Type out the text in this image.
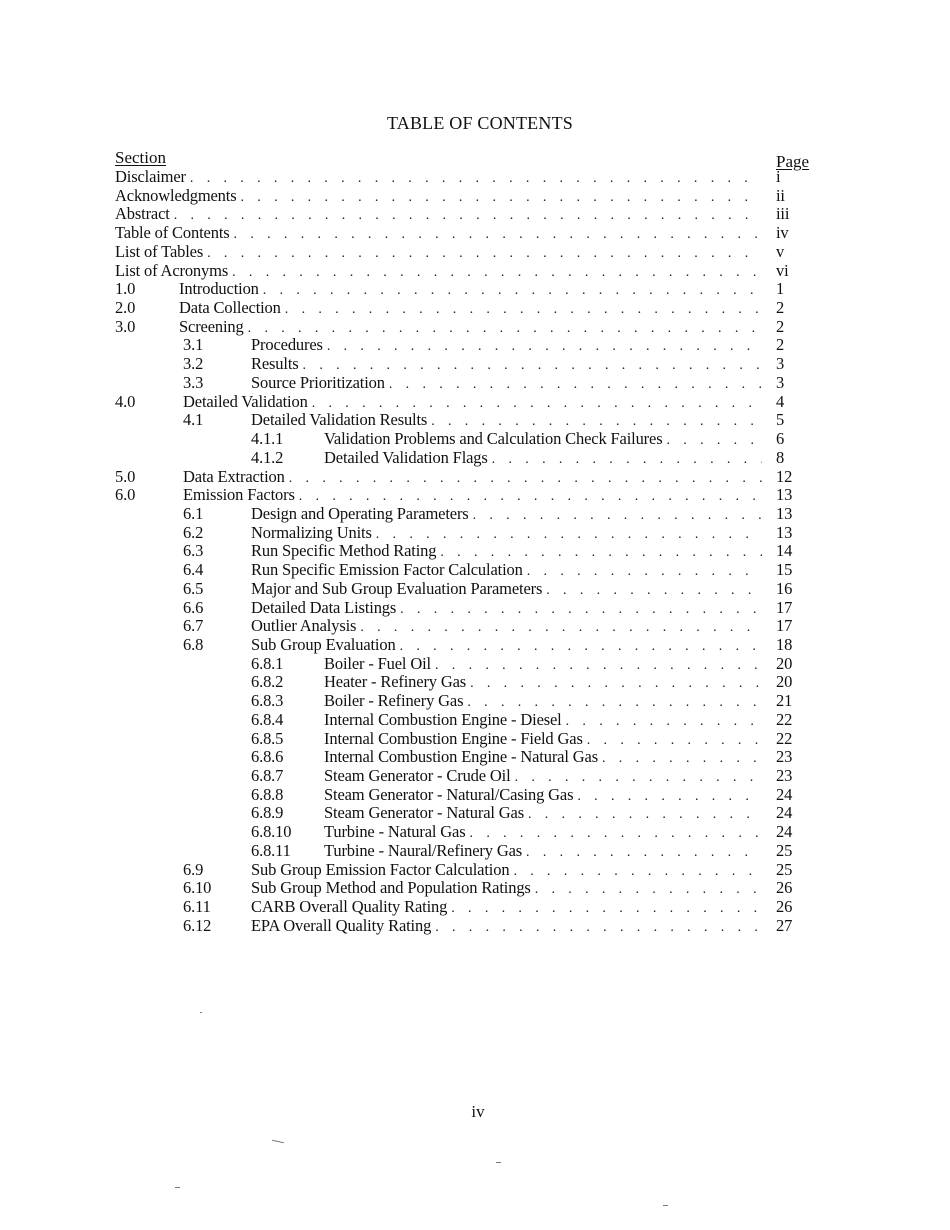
TABLE OF CONTENTS
Section	Page
Disclaimer . . .	i
Acknowledgments . . .	ii
Abstract . . .	iii
Table of Contents . . .	iv
List of Tables . . .	v
List of Acronyms . . .	vi
1.0	Introduction . . .	1
2.0	Data Collection . . .	2
3.0	Screening . . .	2
3.1	Procedures . . .	2
3.2	Results . . .	3
3.3	Source Prioritization . . .	3
4.0	Detailed Validation . . .	4
4.1	Detailed Validation Results . . .	5
4.1.1 Validation Problems and Calculation Check Failures . . .	6
4.1.2 Detailed Validation Flags . . .	8
5.0	Data Extraction . . .	12
6.0	Emission Factors . . .	13
6.1	Design and Operating Parameters . . .	13
6.2	Normalizing Units . . .	13
6.3	Run Specific Method Rating . . .	14
6.4	Run Specific Emission Factor Calculation . . .	15
6.5	Major and Sub Group Evaluation Parameters . . .	16
6.6	Detailed Data Listings . . .	17
6.7	Outlier Analysis . . .	17
6.8	Sub Group Evaluation . . .	18
6.8.1 Boiler - Fuel Oil . . .	20
6.8.2 Heater - Refinery Gas . . .	20
6.8.3 Boiler - Refinery Gas . . .	21
6.8.4 Internal Combustion Engine - Diesel . . .	22
6.8.5 Internal Combustion Engine - Field Gas . . .	22
6.8.6 Internal Combustion Engine - Natural Gas . . .	23
6.8.7 Steam Generator - Crude Oil . . .	23
6.8.8 Steam Generator - Natural/Casing Gas . . .	24
6.8.9 Steam Generator - Natural Gas . . .	24
6.8.10 Turbine - Natural Gas . . .	24
6.8.11 Turbine - Naural/Refinery Gas . . .	25
6.9	Sub Group Emission Factor Calculation . . .	25
6.10 Sub Group Method and Population Ratings . . .	26
6.11 CARB Overall Quality Rating . . .	26
6.12 EPA Overall Quality Rating . . .	27
iv
